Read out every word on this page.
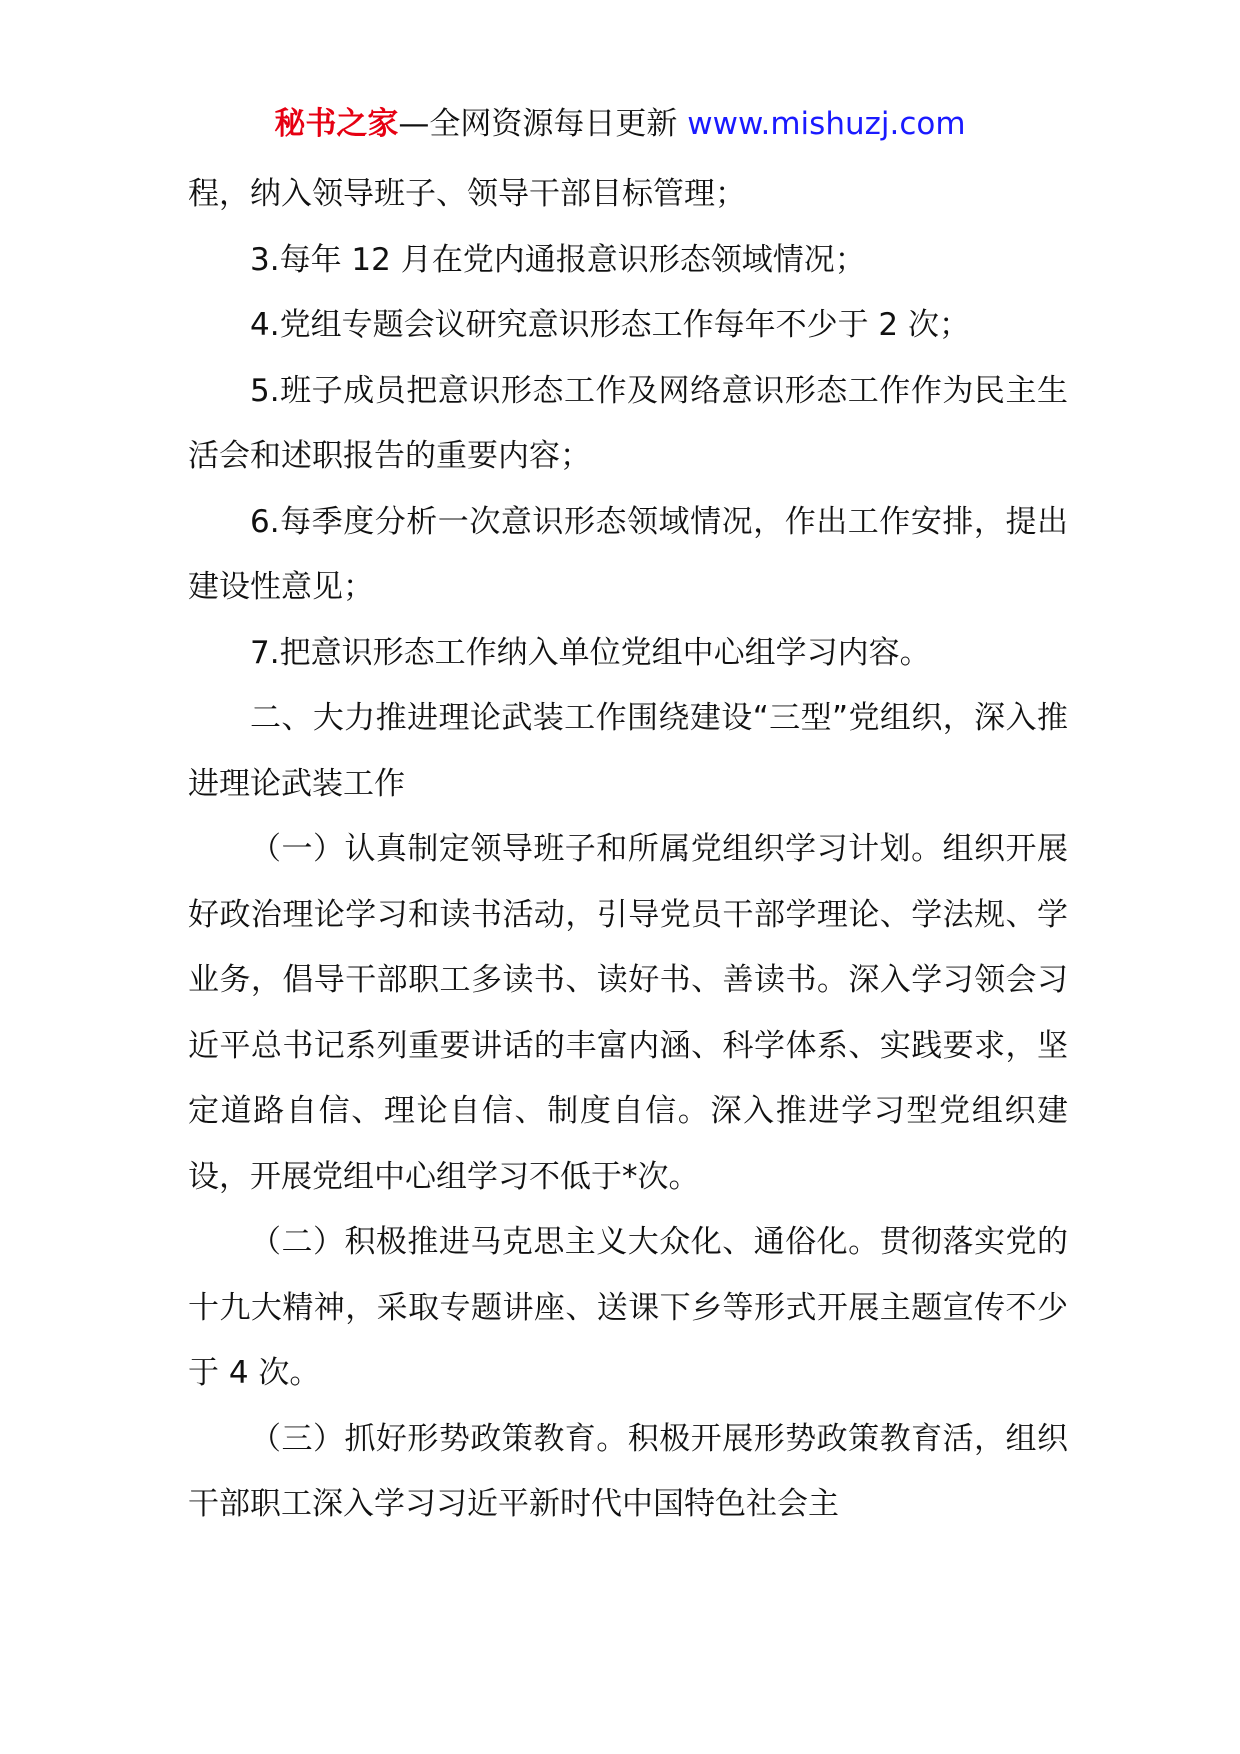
秘书之家—全网资源每日更新 www.mishuzj.com

程，纳入领导班子、领导干部目标管理；

3.每年 12 月在党内通报意识形态领域情况；

4.党组专题会议研究意识形态工作每年不少于 2 次；

5.班子成员把意识形态工作及网络意识形态工作作为民主生活会和述职报告的重要内容；

6.每季度分析一次意识形态领域情况，作出工作安排，提出建设性意见；

7.把意识形态工作纳入单位党组中心组学习内容。

二、大力推进理论武装工作围绕建设“三型”党组织，深入推进理论武装工作

（一）认真制定领导班子和所属党组织学习计划。组织开展好政治理论学习和读书活动，引导党员干部学理论、学法规、学业务，倡导干部职工多读书、读好书、善读书。深入学习领会习近平总书记系列重要讲话的丰富内涵、科学体系、实践要求，坚定道路自信、理论自信、制度自信。深入推进学习型党组织建设，开展党组中心组学习不低于*次。

（二）积极推进马克思主义大众化、通俗化。贯彻落实党的十九大精神，采取专题讲座、送课下乡等形式开展主题宣传不少于 4 次。

（三）抓好形势政策教育。积极开展形势政策教育活，组织干部职工深入学习习近平新时代中国特色社会主
